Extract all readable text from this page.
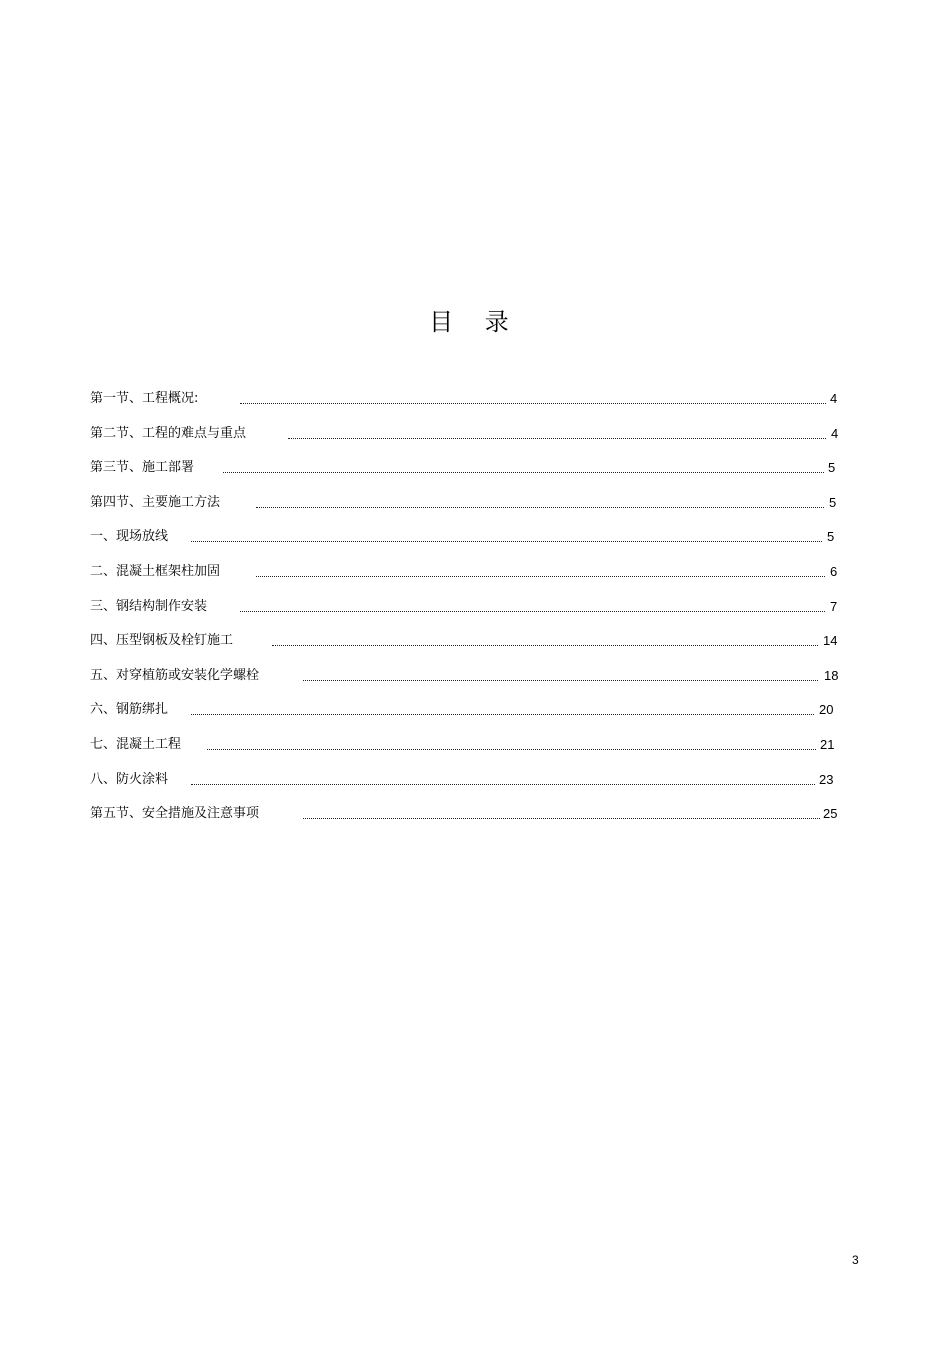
目 录
第一节、工程概况:	4
第二节、工程的难点与重点	4
第三节、施工部署	5
第四节、主要施工方法	5
一、现场放线	5
二、混凝土框架柱加固	6
三、钢结构制作安装	7
四、压型钢板及栓钉施工	14
五、对穿植筋或安装化学螺栓	18
六、钢筋绑扎	20
七、混凝土工程	21
八、防火涂料	23
第五节、安全措施及注意事项	25
3
